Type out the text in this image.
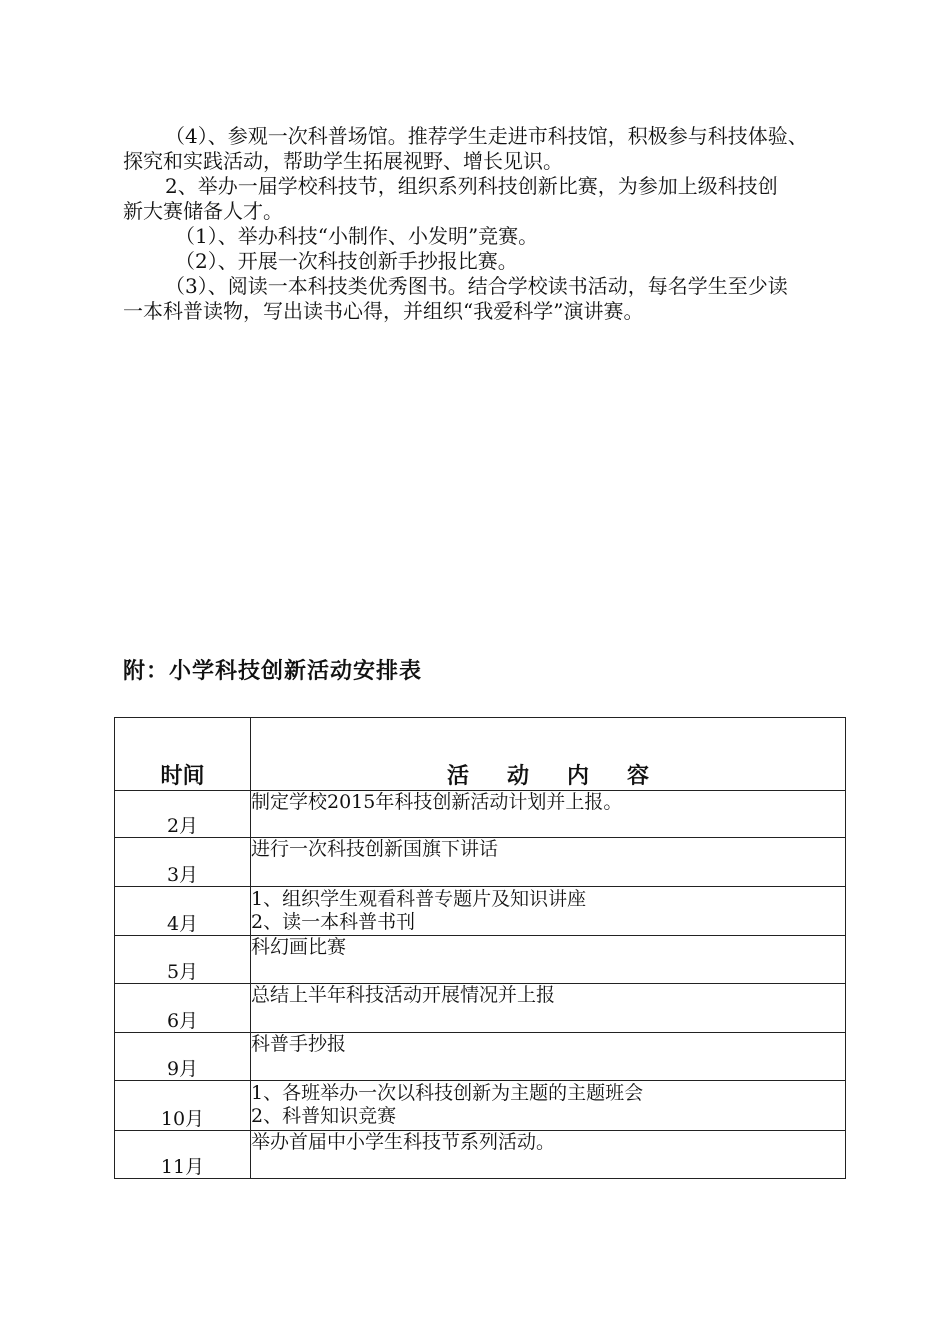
（4）、参观一次科普场馆。推荐学生走进市科技馆，积极参与科技体验、
探究和实践活动，帮助学生拓展视野、增长见识。

2、举办一届学校科技节，组织系列科技创新比赛，为参加上级科技创
新大赛储备人才。

（1）、举办科技“小制作、小发明”竞赛。

（2）、开展一次科技创新手抄报比赛。

（3）、阅读一本科技类优秀图书。结合学校读书活动，每名学生至少读
一本科普读物，写出读书心得，并组织“我爱科学”演讲赛。

附：小学科技创新活动安排表
时间	活动内容
2月	制定学校2015年科技创新活动计划并上报。

3月	进行一次科技创新国旗下讲话

4月	1、组织学生观看科普专题片及知识讲座
2、读一本科普书刊

5月	科幻画比赛

6月	总结上半年科技活动开展情况并上报

9月	科普手抄报

10月	1、各班举办一次以科技创新为主题的主题班会
2、科普知识竞赛

11月	举办首届中小学生科技节系列活动。
